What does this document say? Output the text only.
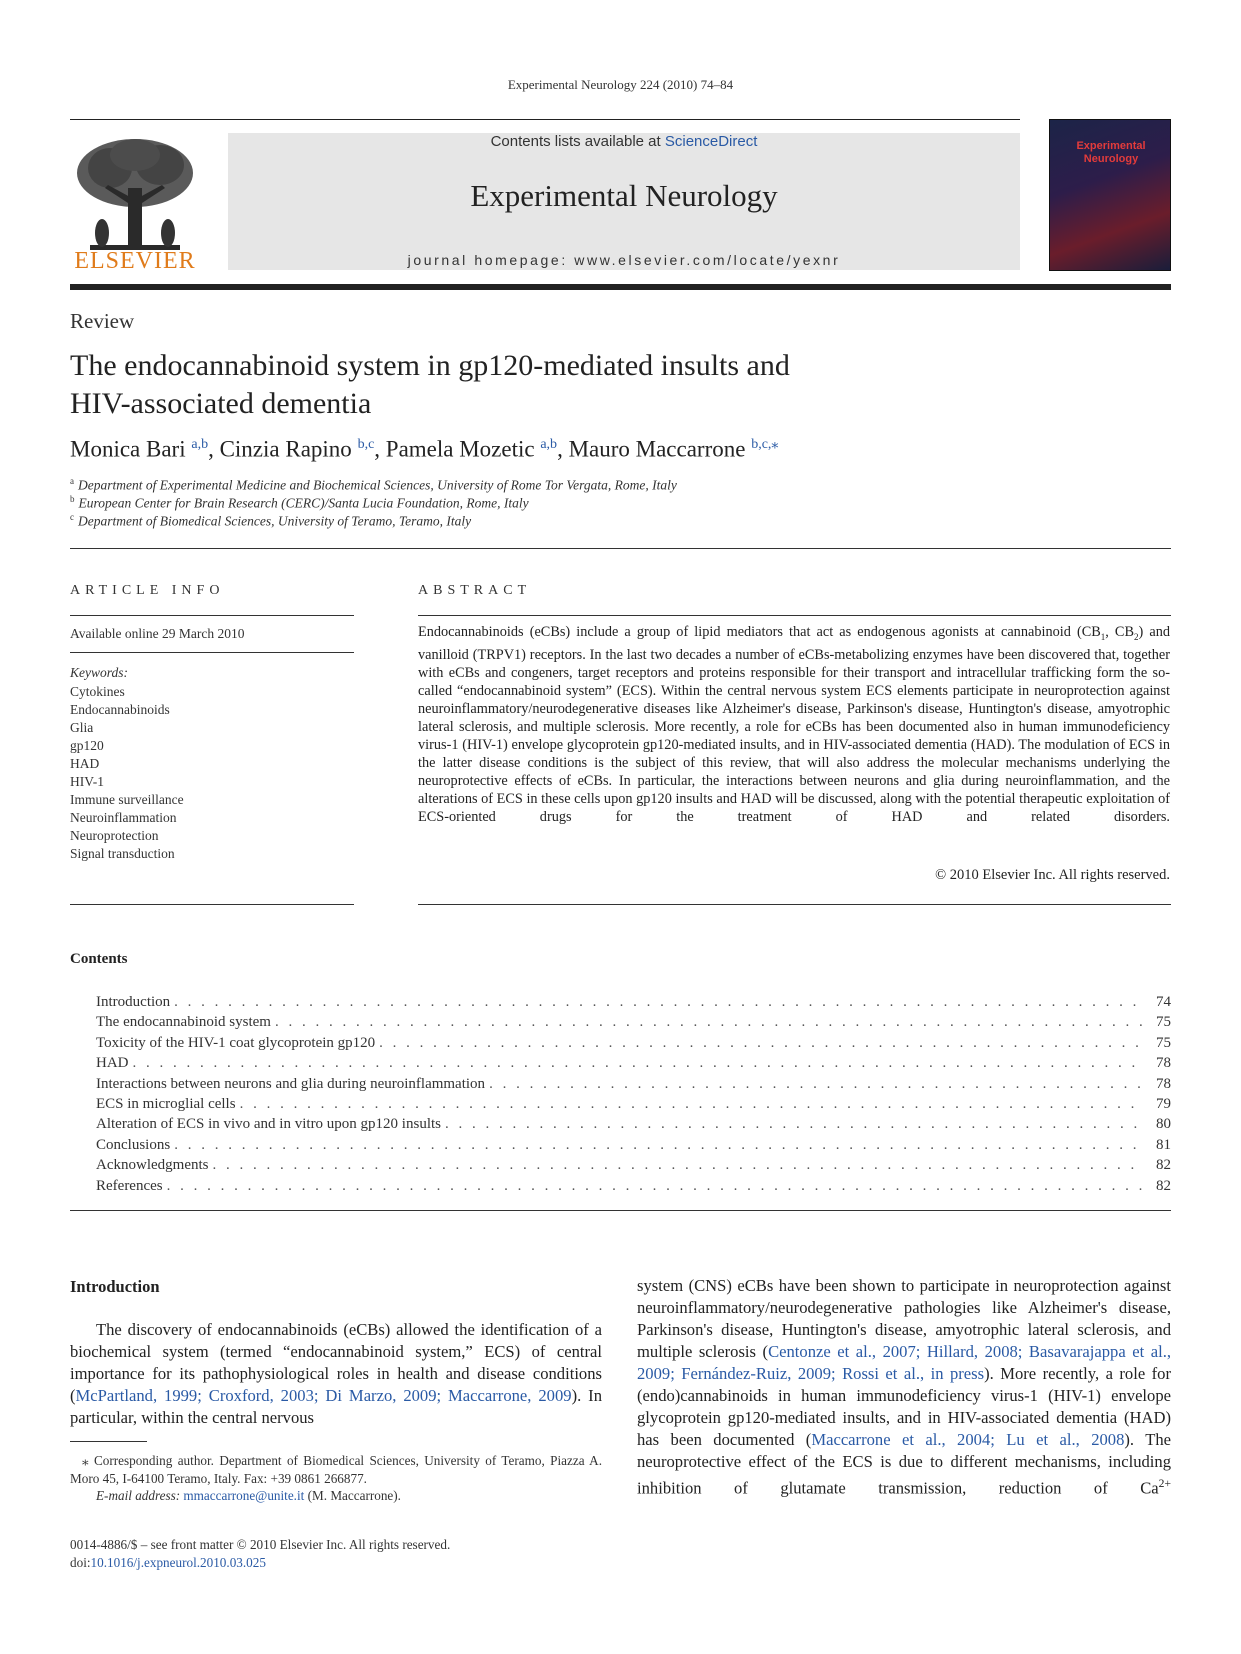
Experimental Neurology 224 (2010) 74–84
ELSEVIER
Contents lists available at ScienceDirect
Experimental Neurology
journal homepage: www.elsevier.com/locate/yexnr
Experimental Neurology
Review
The endocannabinoid system in gp120-mediated insults and
HIV-associated dementia
Monica Bari $^{a,b}$, Cinzia Rapino $^{b,c}$, Pamela Mozetic $^{a,b}$, Mauro Maccarrone $^{b,c,⁎}$
$^a$ Department of Experimental Medicine and Biochemical Sciences, University of Rome Tor Vergata, Rome, Italy
$^b$ European Center for Brain Research (CERC)/Santa Lucia Foundation, Rome, Italy
$^c$ Department of Biomedical Sciences, University of Teramo, Teramo, Italy
ARTICLE INFO
Available online 29 March 2010
Keywords:
Cytokines
Endocannabinoids
Glia
gp120
HAD
HIV-1
Immune surveillance
Neuroinflammation
Neuroprotection
Signal transduction
ABSTRACT
Endocannabinoids (eCBs) include a group of lipid mediators that act as endogenous agonists at cannabinoid ($CB_1$, $CB_2$) and vanilloid (TRPV1) receptors. In the last two decades a number of eCBs-metabolizing enzymes have been discovered that, together with eCBs and congeners, target receptors and proteins responsible for their transport and intracellular trafficking form the so-called “endocannabinoid system” (ECS). Within the central nervous system ECS elements participate in neuroprotection against neuroinflammatory/neurodegenerative diseases like Alzheimer's disease, Parkinson's disease, Huntington's disease, amyotrophic lateral sclerosis, and multiple sclerosis. More recently, a role for eCBs has been documented also in human immunodeficiency virus-1 (HIV-1) envelope glycoprotein gp120-mediated insults, and in HIV-associated dementia (HAD). The modulation of ECS in the latter disease conditions is the subject of this review, that will also address the molecular mechanisms underlying the neuroprotective effects of eCBs. In particular, the interactions between neurons and glia during neuroinflammation, and the alterations of ECS in these cells upon gp120 insults and HAD will be discussed, along with the potential therapeutic exploitation of ECS-oriented drugs for the treatment of HAD and related disorders.
© 2010 Elsevier Inc. All rights reserved.
Contents
Introduction . . .	74
The endocannabinoid system . . .	75
Toxicity of the HIV-1 coat glycoprotein gp120 . . .	75
HAD . . .	78
Interactions between neurons and glia during neuroinflammation . . .	78
ECS in microglial cells . . .	79
Alteration of ECS in vivo and in vitro upon gp120 insults . . .	80
Conclusions . . .	81
Acknowledgments . . .	82
References . . .	82
Introduction
The discovery of endocannabinoids (eCBs) allowed the identification of a biochemical system (termed “endocannabinoid system,” ECS) of central importance for its pathophysiological roles in health and disease conditions (McPartland, 1999; Croxford, 2003; Di Marzo, 2009; Maccarrone, 2009). In particular, within the central nervous
system (CNS) eCBs have been shown to participate in neuroprotection against neuroinflammatory/neurodegenerative pathologies like Alzheimer's disease, Parkinson's disease, Huntington's disease, amyotrophic lateral sclerosis, and multiple sclerosis (Centonze et al., 2007; Hillard, 2008; Basavarajappa et al., 2009; Fernández-Ruiz, 2009; Rossi et al., in press). More recently, a role for (endo)cannabinoids in human immunodeficiency virus-1 (HIV-1) envelope glycoprotein gp120-mediated insults, and in HIV-associated dementia (HAD) has been documented (Maccarrone et al., 2004; Lu et al., 2008). The neuroprotective effect of the ECS is due to different mechanisms, including inhibition of glutamate transmission, reduction of $Ca^{2+}$
⁎ Corresponding author. Department of Biomedical Sciences, University of Teramo, Piazza A. Moro 45, I-64100 Teramo, Italy. Fax: +39 0861 266877.
E-mail address: mmaccarrone@unite.it (M. Maccarrone).
0014-4886/$ – see front matter © 2010 Elsevier Inc. All rights reserved.
doi:10.1016/j.expneurol.2010.03.025
